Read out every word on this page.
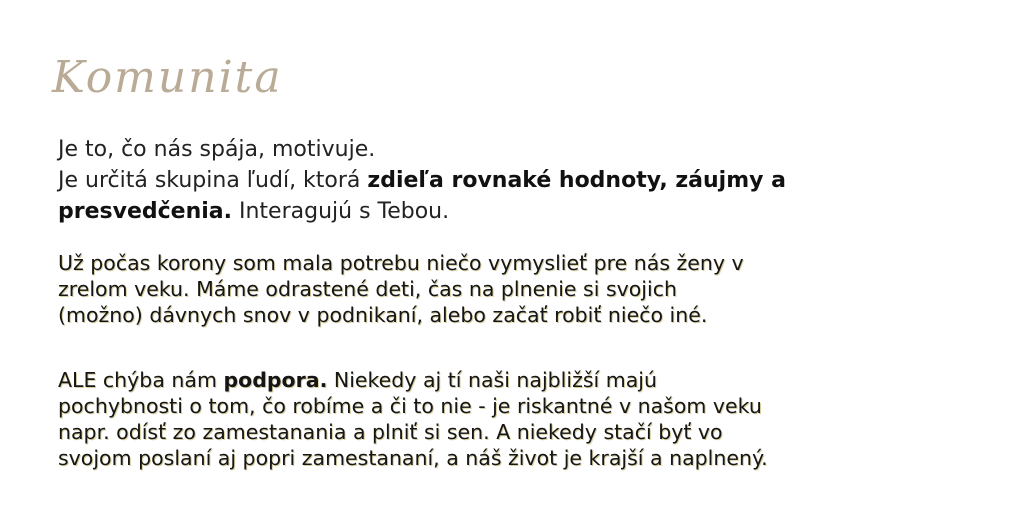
Komunita
Je to, čo nás spája, motivuje.
Je určitá skupina ľudí, ktorá zdieľa rovnaké hodnoty, záujmy a
presvedčenia. Interagujú s Tebou.
Už počas korony som mala potrebu niečo vymyslieť pre nás ženy v
zrelom veku. Máme odrastené deti, čas na plnenie si svojich
(možno) dávnych snov v podnikaní, alebo začať robiť niečo iné.
ALE chýba nám podpora. Niekedy aj tí naši najbližší majú
pochybnosti o tom, čo robíme a či to nie - je riskantné v našom veku
napr. odísť zo zamestanania a plniť si sen. A niekedy stačí byť vo
svojom poslaní aj popri zamestananí, a náš život je krajší a naplnený.
